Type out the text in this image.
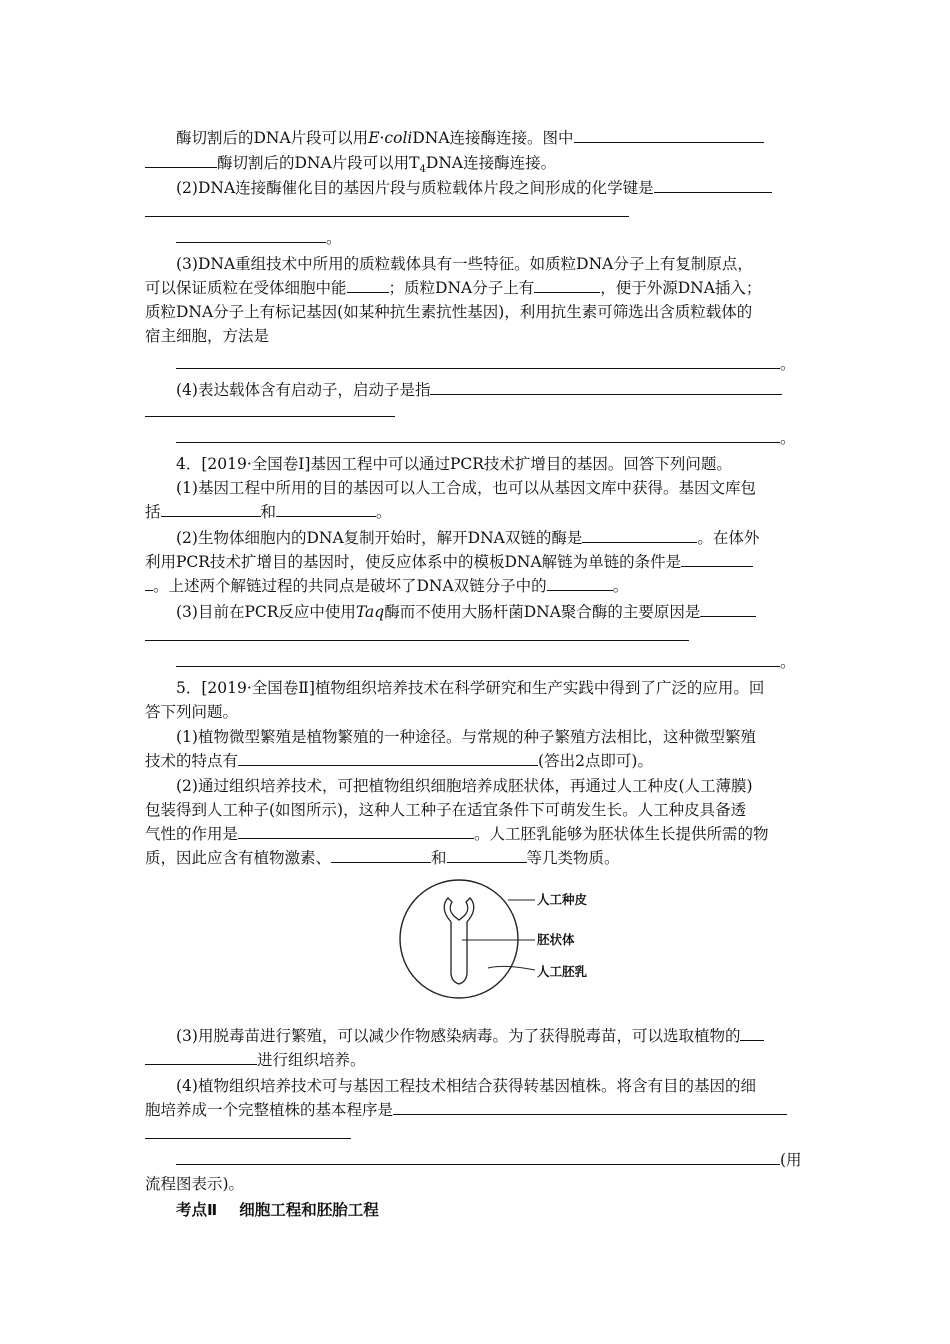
酶切割后的DNA片段可以用E·coliDNA连接酶连接。图中
酶切割后的DNA片段可以用$T_4DNA$连接酶连接。
(2)DNA连接酶催化目的基因片段与质粒载体片段之间形成的化学键是
。
(3)DNA重组技术中所用的质粒载体具有一些特征。如质粒DNA分子上有复制原点，
可以保证质粒在受体细胞中能	；质粒DNA分子上有	，便于外源DNA插入；
质粒DNA分子上有标记基因(如某种抗生素抗性基因)，利用抗生素可筛选出含质粒载体的
宿主细胞，方法是
。
(4)表达载体含有启动子，启动子是指
。
4．[2019·全国卷Ⅰ]基因工程中可以通过PCR技术扩增目的基因。回答下列问题。
(1)基因工程中所用的目的基因可以人工合成，也可以从基因文库中获得。基因文库包
括	和	。
(2)生物体细胞内的DNA复制开始时，解开DNA双链的酶是	。在体外
利用PCR技术扩增目的基因时，使反应体系中的模板DNA解链为单链的条件是
。上述两个解链过程的共同点是破坏了DNA双链分子中的	。
(3)目前在PCR反应中使用Taq酶而不使用大肠杆菌DNA聚合酶的主要原因是
。
5．[2019·全国卷Ⅱ]植物组织培养技术在科学研究和生产实践中得到了广泛的应用。回
答下列问题。
(1)植物微型繁殖是植物繁殖的一种途径。与常规的种子繁殖方法相比，这种微型繁殖
技术的特点有	(答出2点即可)。
(2)通过组织培养技术，可把植物组织细胞培养成胚状体，再通过人工种皮(人工薄膜)
包装得到人工种子(如图所示)，这种人工种子在适宜条件下可萌发生长。人工种皮具备透
气性的作用是	。人工胚乳能够为胚状体生长提供所需的物
质，因此应含有植物激素、	和	等几类物质。
人工种皮
胚状体
人工胚乳
(3)用脱毒苗进行繁殖，可以减少作物感染病毒。为了获得脱毒苗，可以选取植物的
进行组织培养。
(4)植物组织培养技术可与基因工程技术相结合获得转基因植株。将含有目的基因的细
胞培养成一个完整植株的基本程序是
(用
流程图表示)。
考点Ⅱ 细胞工程和胚胎工程
